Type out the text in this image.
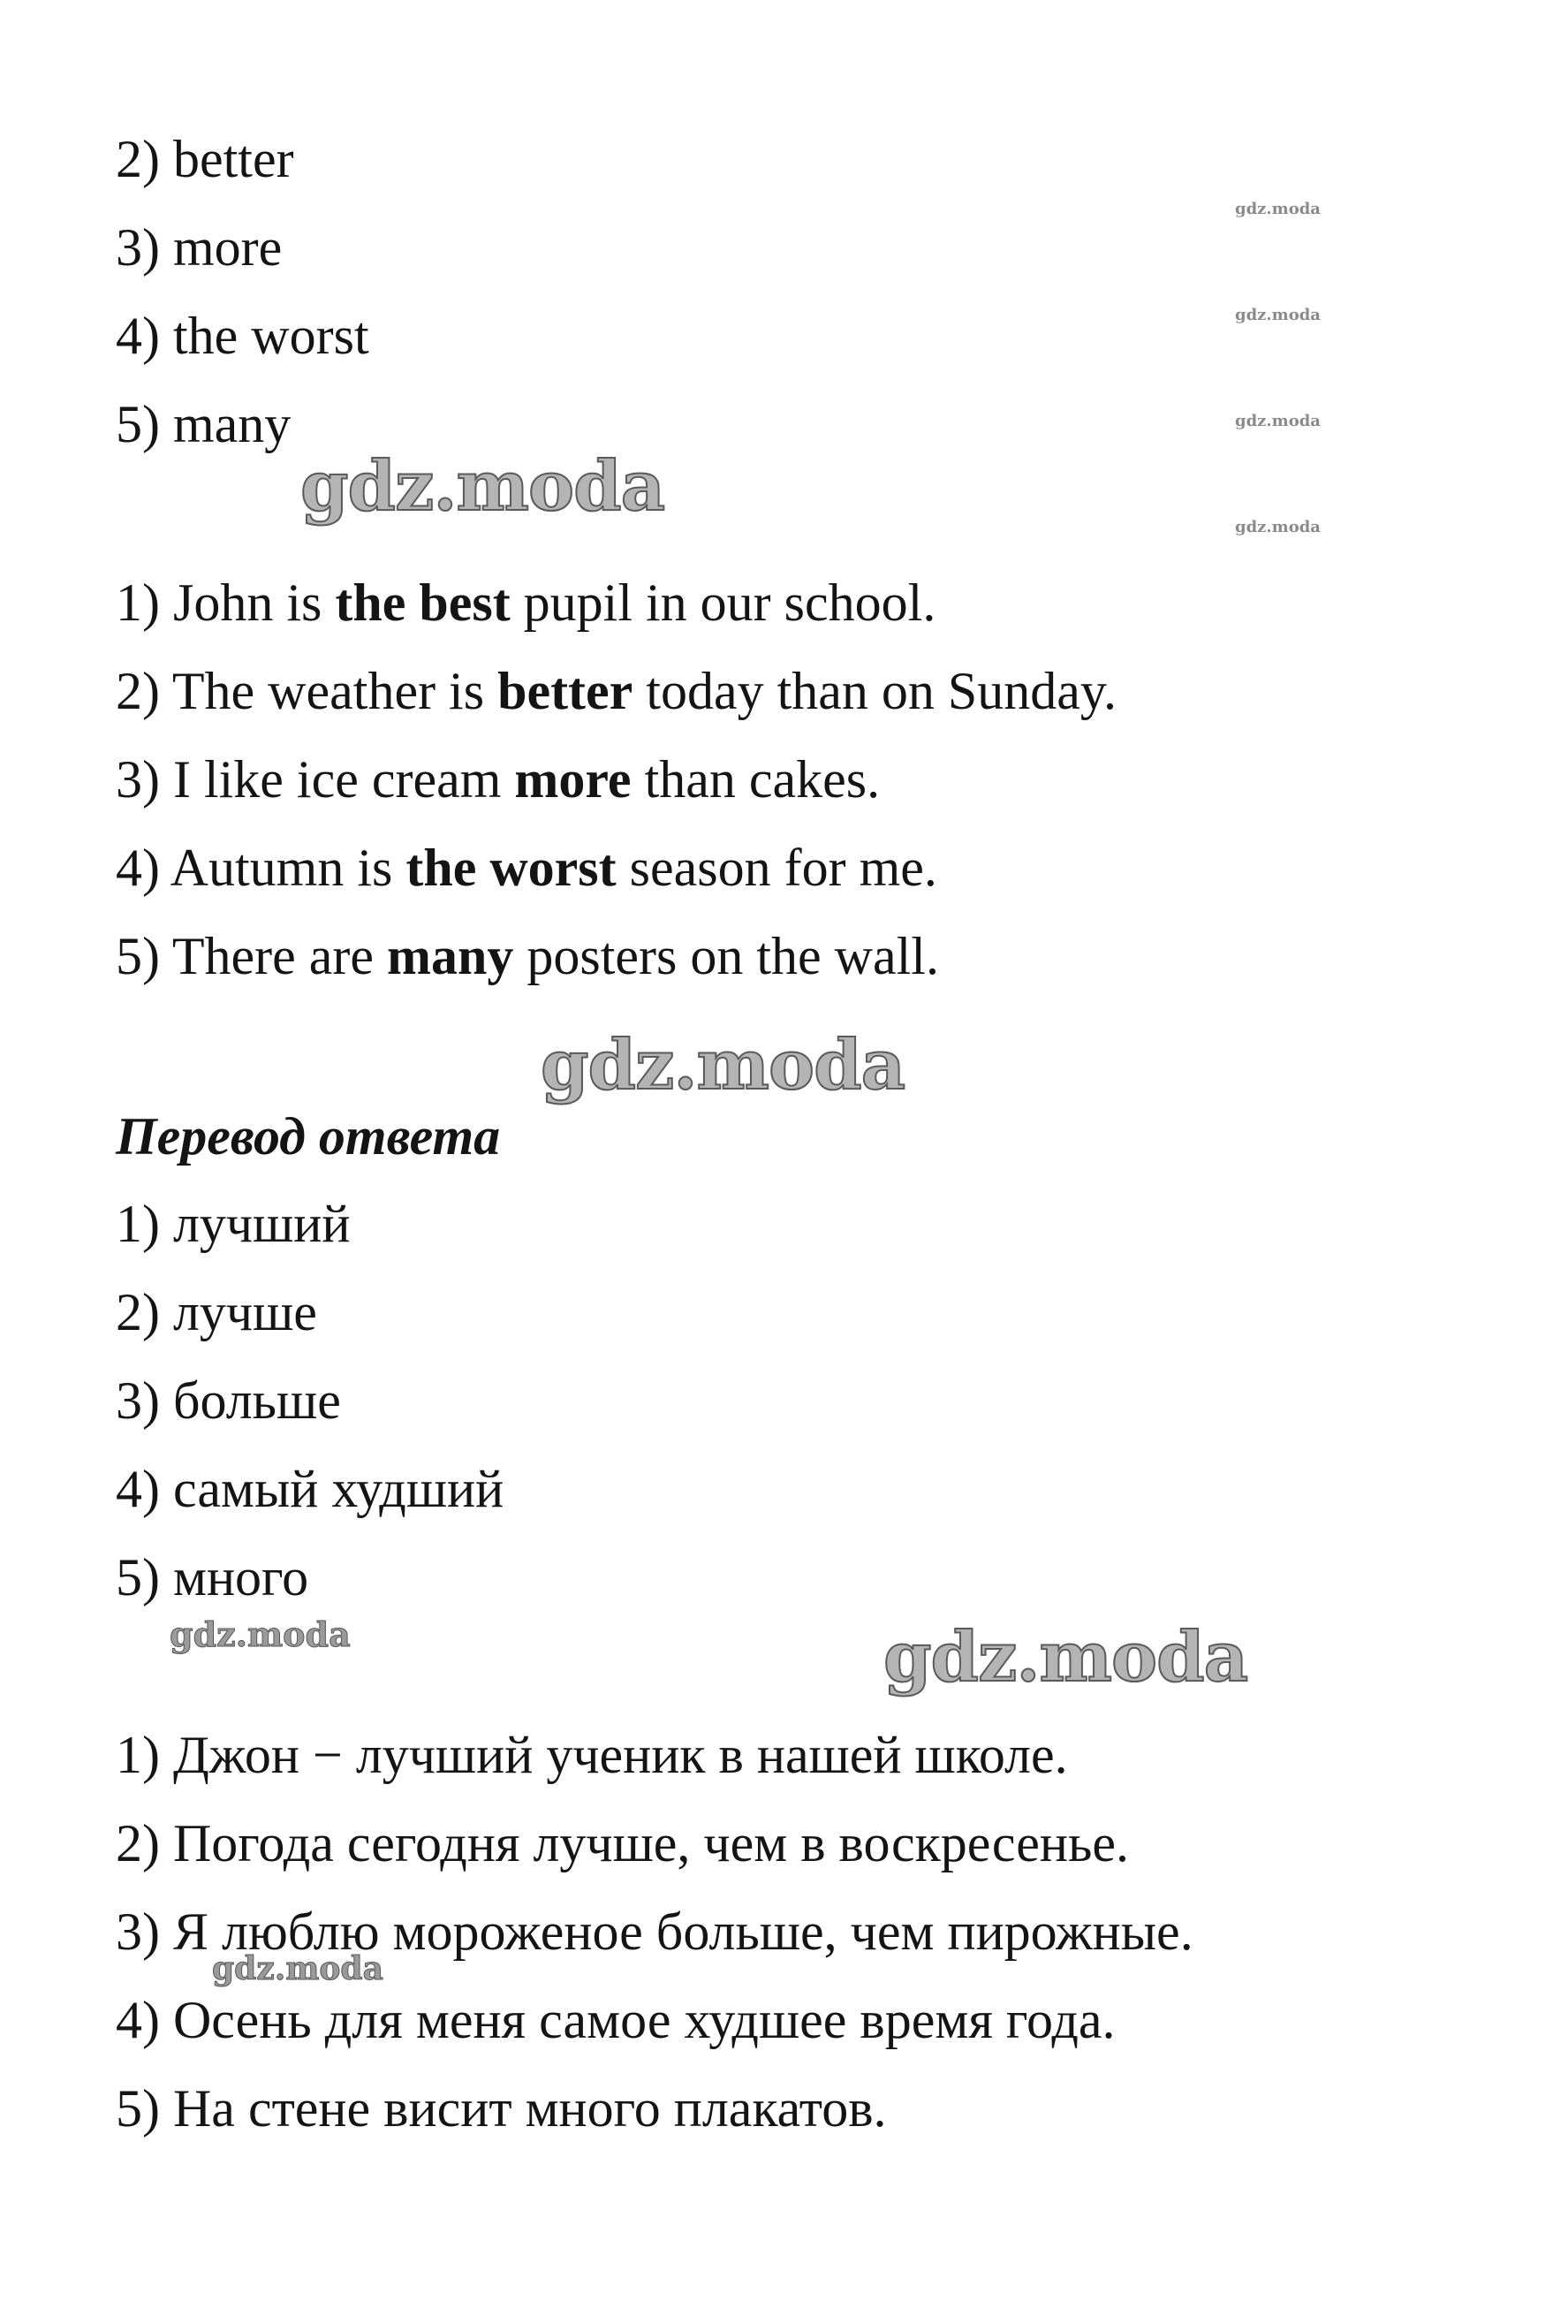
2) better
3) more
4) the worst
5) many
1) John is the best pupil in our school.
2) The weather is better today than on Sunday.
3) I like ice cream more than cakes.
4) Autumn is the worst season for me.
5) There are many posters on the wall.
Перевод ответа
1) лучший
2) лучше
3) больше
4) самый худший
5) много
1) Джон − лучший ученик в нашей школе.
2) Погода сегодня лучше, чем в воскресенье.
3) Я люблю мороженое больше, чем пирожные.
4) Осень для меня самое худшее время года.
5) На стене висит много плакатов.
gdz.moda
gdz.moda
gdz.moda
gdz.moda
gdz.moda
gdz.moda
gdz.moda
gdz.moda
gdz.moda
